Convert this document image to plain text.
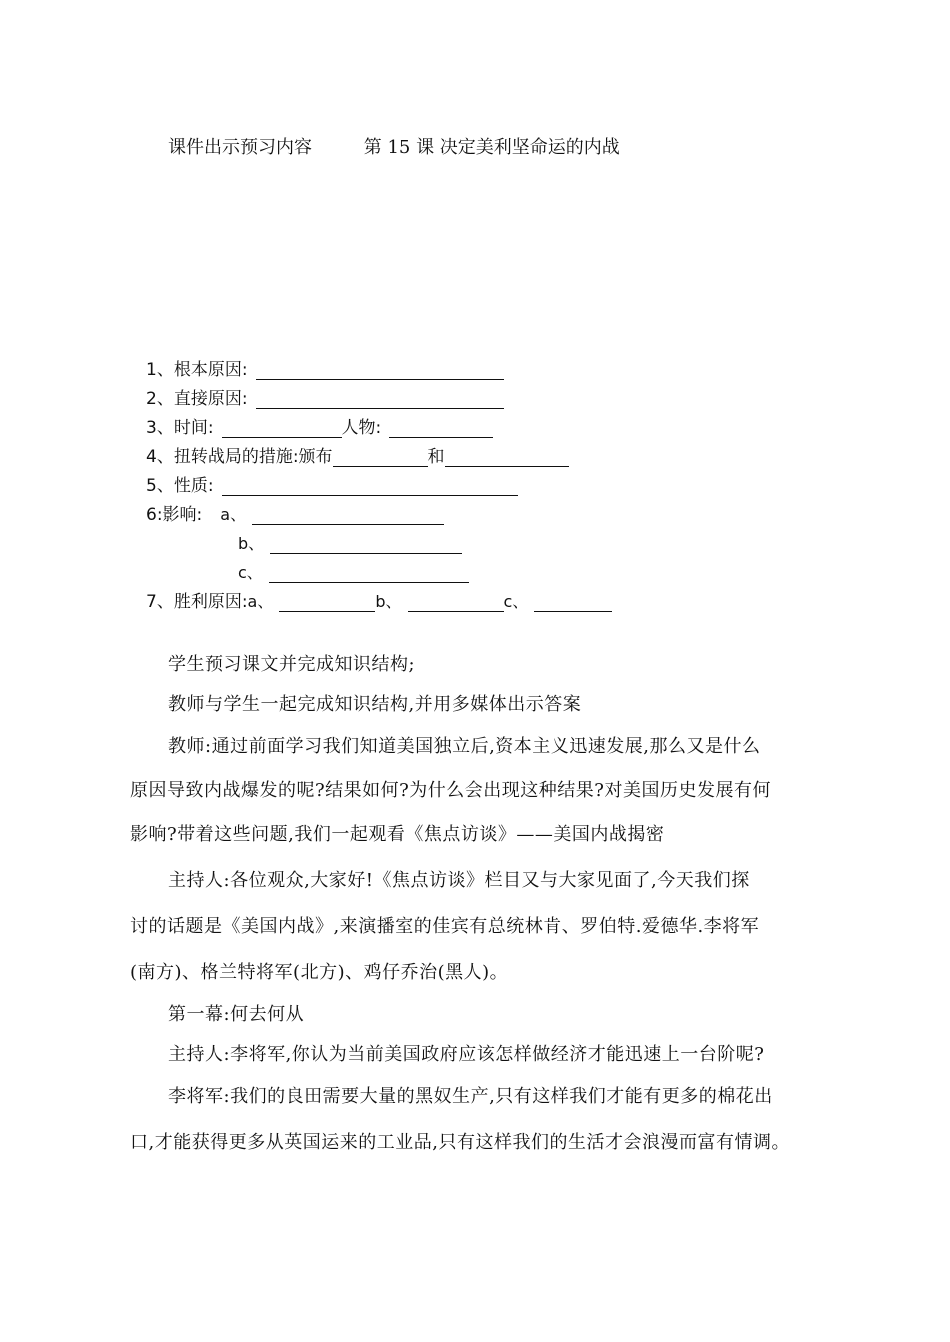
课件出示预习内容	第 15 课 决定美利坚命运的内战
1、根本原因:
2、直接原因:
3、时间:	人物:
4、扭转战局的措施:颁布	和
5、性质:
6:影响: a、
b、
c、
7、胜利原因: a、	b、	c、
学生预习课文并完成知识结构;
教师与学生一起完成知识结构,并用多媒体出示答案
教师:通过前面学习我们知道美国独立后,资本主义迅速发展,那么又是什么
原因导致内战爆发的呢?结果如何?为什么会出现这种结果?对美国历史发展有何
影响?带着这些问题,我们一起观看《焦点访谈》——美国内战揭密
主持人:各位观众,大家好!《焦点访谈》栏目又与大家见面了,今天我们探
讨的话题是《美国内战》,来演播室的佳宾有总统林肯、罗伯特.爱德华.李将军
(南方)、格兰特将军(北方)、鸡仔乔治(黑人)。
第一幕:何去何从
主持人:李将军,你认为当前美国政府应该怎样做经济才能迅速上一台阶呢?
李将军:我们的良田需要大量的黑奴生产,只有这样我们才能有更多的棉花出
口,才能获得更多从英国运来的工业品,只有这样我们的生活才会浪漫而富有情调。
